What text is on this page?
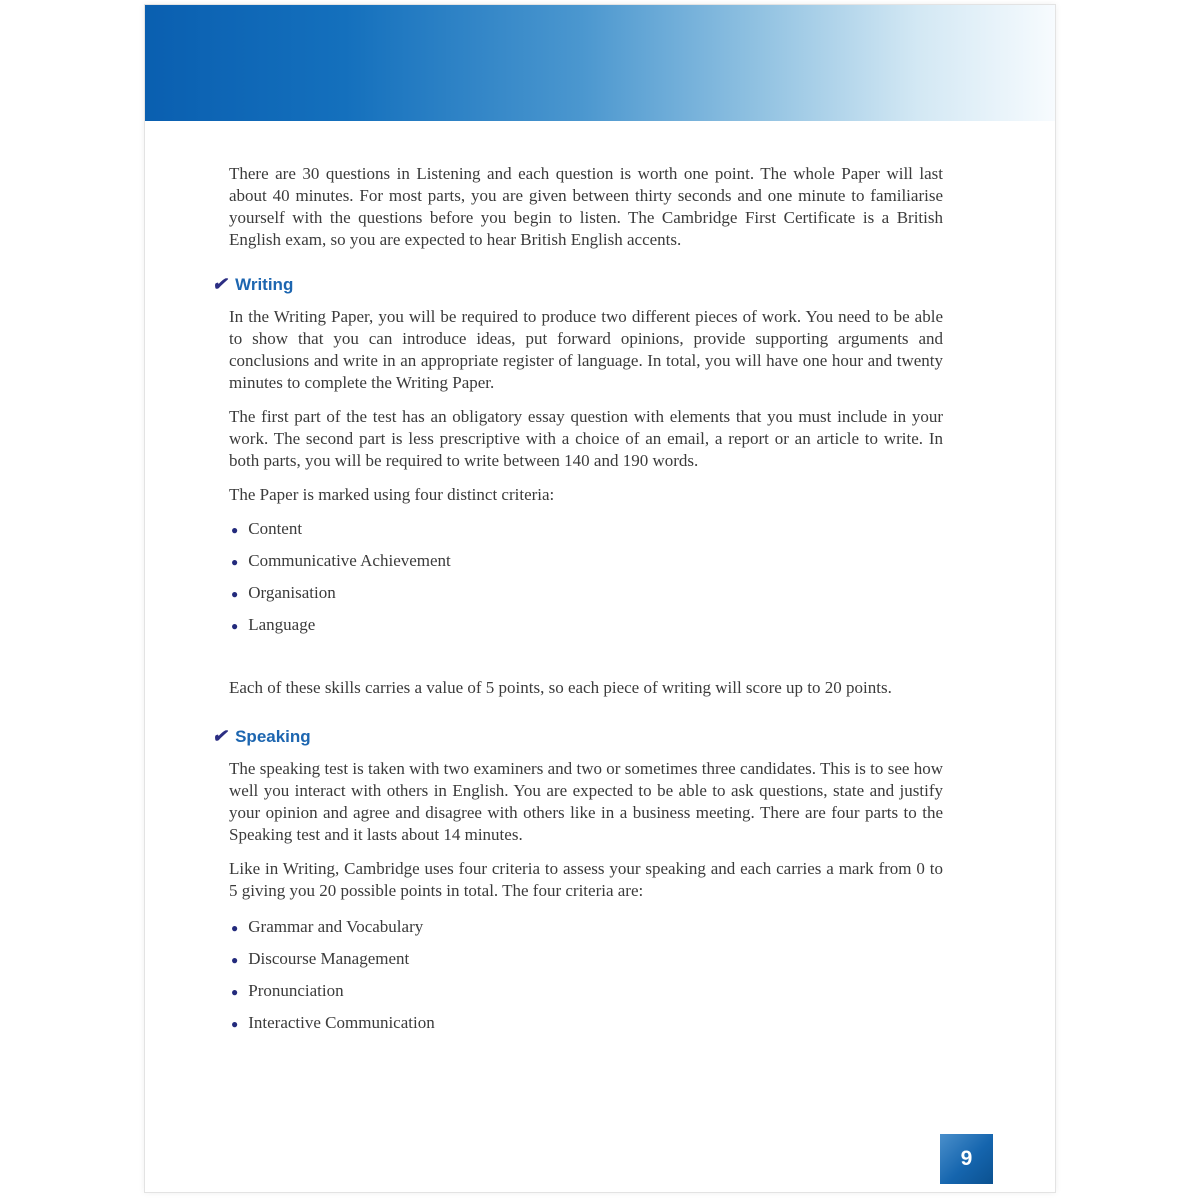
There are 30 questions in Listening and each question is worth one point. The whole Paper will last about 40 minutes. For most parts, you are given between thirty seconds and one minute to familiarise yourself with the questions before you begin to listen. The Cambridge First Certificate is a British English exam, so you are expected to hear British English accents.

✔ Writing

In the Writing Paper, you will be required to produce two different pieces of work. You need to be able to show that you can introduce ideas, put forward opinions, provide supporting arguments and conclusions and write in an appropriate register of language. In total, you will have one hour and twenty minutes to complete the Writing Paper.

The first part of the test has an obligatory essay question with elements that you must include in your work. The second part is less prescriptive with a choice of an email, a report or an article to write. In both parts, you will be required to write between 140 and 190 words.

The Paper is marked using four distinct criteria:

● Content
● Communicative Achievement
● Organisation
● Language

Each of these skills carries a value of 5 points, so each piece of writing will score up to 20 points.

✔ Speaking

The speaking test is taken with two examiners and two or sometimes three candidates. This is to see how well you interact with others in English. You are expected to be able to ask questions, state and justify your opinion and agree and disagree with others like in a business meeting. There are four parts to the Speaking test and it lasts about 14 minutes.

Like in Writing, Cambridge uses four criteria to assess your speaking and each carries a mark from 0 to 5 giving you 20 possible points in total. The four criteria are:

● Grammar and Vocabulary
● Discourse Management
● Pronunciation
● Interactive Communication
9
